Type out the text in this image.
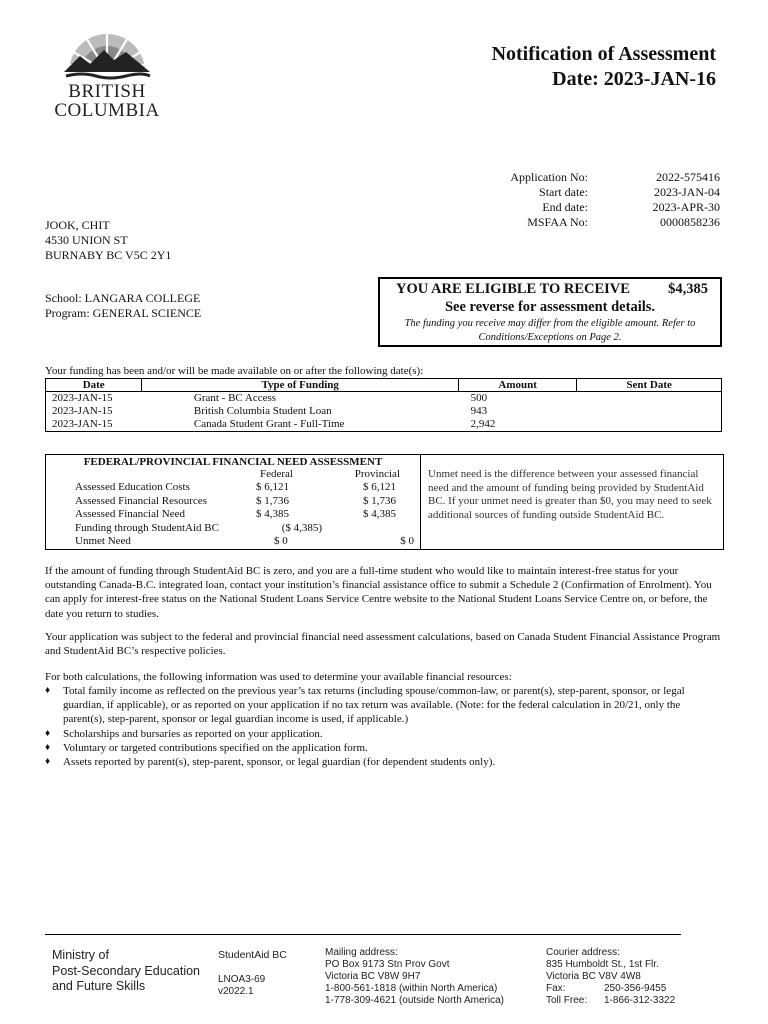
BRITISH
COLUMBIA
Notification of Assessment
Date: 2023-JAN-16
Application No:	2022-575416
Start date:	2023-JAN-04
End date:	2023-APR-30
MSFAA No:	0000858236
JOOK, CHIT
4530 UNION ST
BURNABY BC V5C 2Y1
School: LANGARA COLLEGE
Program: GENERAL SCIENCE
YOU ARE ELIGIBLE TO RECEIVE	$4,385
See reverse for assessment details.
The funding you receive may differ from the eligible amount. Refer to Conditions/Exceptions on Page 2.
Your funding has been and/or will be made available on or after the following date(s):
Date	Type of Funding	Amount	Sent Date
2023-JAN-15	Grant - BC Access	500	
2023-JAN-15	British Columbia Student Loan	943	
2023-JAN-15	Canada Student Grant - Full-Time	2,942	
FEDERAL/PROVINCIAL FINANCIAL NEED ASSESSMENT
Federal	Provincial
Assessed Education Costs	$ 6,121	$ 6,121
Assessed Financial Resources	$ 1,736	$ 1,736
Assessed Financial Need	$ 4,385	$ 4,385
Funding through StudentAid BC	($ 4,385)
Unmet Need	$ 0	$ 0
Unmet need is the difference between your assessed financial need and the amount of funding being provided by StudentAid BC. If your unmet need is greater than $0, you may need to seek additional sources of funding outside StudentAid BC.
If the amount of funding through StudentAid BC is zero, and you are a full-time student who would like to maintain interest-free status for your outstanding Canada-B.C. integrated loan, contact your institution’s financial assistance office to submit a Schedule 2 (Confirmation of Enrolment). You can apply for interest-free status on the National Student Loans Service Centre website to the National Student Loans Service Centre on, or before, the date you return to studies.
Your application was subject to the federal and provincial financial need assessment calculations, based on Canada Student Financial Assistance Program and StudentAid BC’s respective policies.
For both calculations, the following information was used to determine your available financial resources:
♦ Total family income as reflected on the previous year’s tax returns (including spouse/common-law, or parent(s), step-parent, sponsor, or legal guardian, if applicable), or as reported on your application if no tax return was available. (Note: for the federal calculation in 20/21, only the parent(s), step-parent, sponsor or legal guardian income is used, if applicable.)
♦ Scholarships and bursaries as reported on your application.
♦ Voluntary or targeted contributions specified on the application form.
♦ Assets reported by parent(s), step-parent, sponsor, or legal guardian (for dependent students only).
Ministry of
Post-Secondary Education
and Future Skills
StudentAid BC
LNOA3-69
v2022.1
Mailing address:
PO Box 9173 Stn Prov Govt
Victoria BC V8W 9H7
1-800-561-1818 (within North America)
1-778-309-4621 (outside North America)
Courier address:
835 Humboldt St., 1st Flr.
Victoria BC V8V 4W8
Fax:	250-356-9455
Toll Free:	1-866-312-3322
